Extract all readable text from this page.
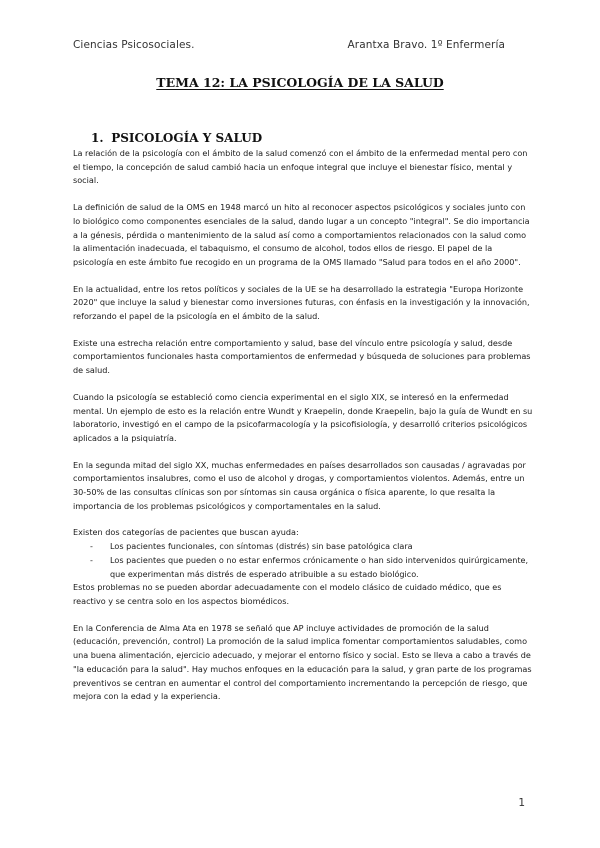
Ciencias Psicosociales.	Arantxa Bravo. 1º Enfermería
TEMA 12: LA PSICOLOGÍA DE LA SALUD
1. PSICOLOGÍA Y SALUD

La relación de la psicología con el ámbito de la salud comenzó con el ámbito de la enfermedad mental pero con el tiempo, la concepción de salud cambió hacia un enfoque integral que incluye el bienestar físico, mental y social.

La definición de salud de la OMS en 1948 marcó un hito al reconocer aspectos psicológicos y sociales junto con lo biológico como componentes esenciales de la salud, dando lugar a un concepto "integral". Se dio importancia a la génesis, pérdida o mantenimiento de la salud así como a comportamientos relacionados con la salud como la alimentación inadecuada, el tabaquismo, el consumo de alcohol, todos ellos de riesgo. El papel de la psicología en este ámbito fue recogido en un programa de la OMS llamado "Salud para todos en el año 2000".

En la actualidad, entre los retos políticos y sociales de la UE se ha desarrollado la estrategia "Europa Horizonte 2020" que incluye la salud y bienestar como inversiones futuras, con énfasis en la investigación y la innovación, reforzando el papel de la psicología en el ámbito de la salud.

Existe una estrecha relación entre comportamiento y salud, base del vínculo entre psicología y salud, desde comportamientos funcionales hasta comportamientos de enfermedad y búsqueda de soluciones para problemas de salud.

Cuando la psicología se estableció como ciencia experimental en el siglo XIX, se interesó en la enfermedad mental. Un ejemplo de esto es la relación entre Wundt y Kraepelin, donde Kraepelin, bajo la guía de Wundt en su laboratorio, investigó en el campo de la psicofarmacología y la psicofisiología, y desarrolló criterios psicológicos aplicados a la psiquiatría.

En la segunda mitad del siglo XX, muchas enfermedades en países desarrollados son causadas / agravadas por comportamientos insalubres, como el uso de alcohol y drogas, y comportamientos violentos. Además, entre un 30-50% de las consultas clínicas son por síntomas sin causa orgánica o física aparente, lo que resalta la importancia de los problemas psicológicos y comportamentales en la salud.

Existen dos categorías de pacientes que buscan ayuda:

- Los pacientes funcionales, con síntomas (distrés) sin base patológica clara
- Los pacientes que pueden o no estar enfermos crónicamente o han sido intervenidos quirúrgicamente, que experimentan más distrés de esperado atribuible a su estado biológico.

Estos problemas no se pueden abordar adecuadamente con el modelo clásico de cuidado médico, que es reactivo y se centra solo en los aspectos biomédicos.

En la Conferencia de Alma Ata en 1978 se señaló que AP incluye actividades de promoción de la salud (educación, prevención, control) La promoción de la salud implica fomentar comportamientos saludables, como una buena alimentación, ejercicio adecuado, y mejorar el entorno físico y social. Esto se lleva a cabo a través de "la educación para la salud". Hay muchos enfoques en la educación para la salud, y gran parte de los programas preventivos se centran en aumentar el control del comportamiento incrementando la percepción de riesgo, que mejora con la edad y la experiencia.

1
